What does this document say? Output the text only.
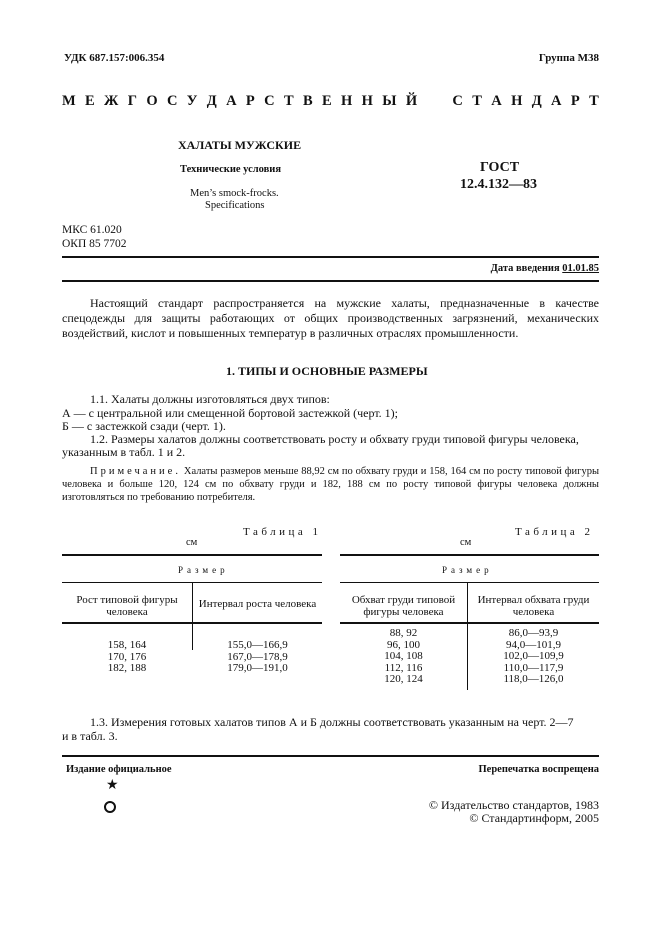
УДК 687.157:006.354	Группа М38
М Е Ж Г О С У Д А Р С Т В Е Н Н Ы Й

С Т А Н Д А Р Т
ХАЛАТЫ МУЖСКИЕ
Технические условия
Men’s smock-frocks.
Specifications
ГОСТ
12.4.132—83
МКС 61.020
ОКП 85 7702
Дата введения 01.01.85
Настоящий стандарт распространяется на мужские халаты, предназначенные в качестве спецодежды для защиты работающих от общих производственных загрязнений, механических воздействий, кислот и повышенных температур в различных отраслях промышленности.
1. ТИПЫ И ОСНОВНЫЕ РАЗМЕРЫ
1.1. Халаты должны изготовляться двух типов:
А — с центральной или смещенной бортовой застежкой (черт. 1);
Б — с застежкой сзади (черт. 1).
1.2. Размеры халатов должны соответствовать росту и обхвату груди типовой фигуры человека,
указанным в табл. 1 и 2.
Примечание. Халаты размеров меньше 88,92 см по обхвату груди и 158, 164 см по росту типовой фигуры человека и больше 120, 124 см по обхвату груди и 182, 188 см по росту типовой фигуры человека должны изготовляться по требованию потребителя.
Таблица 1
см
Размер
Рост типовой фигуры
человека
Интервал роста человека
158, 164	155,0—166,9
170, 176	167,0—178,9
182, 188	179,0—191,0
Таблица 2
см
Размер
Обхват груди типовой
фигуры человека
Интервал обхвата груди
человека
88, 92	86,0—93,9
96, 100	94,0—101,9
104, 108	102,0—109,9
112, 116	110,0—117,9
120, 124	118,0—126,0
1.3. Измерения готовых халатов типов А и Б должны соответствовать указанным на черт. 2—7
и в табл. 3.
Издание официальное	Перепечатка воспрещена
★
© Издательство стандартов, 1983
© Стандартинформ, 2005
